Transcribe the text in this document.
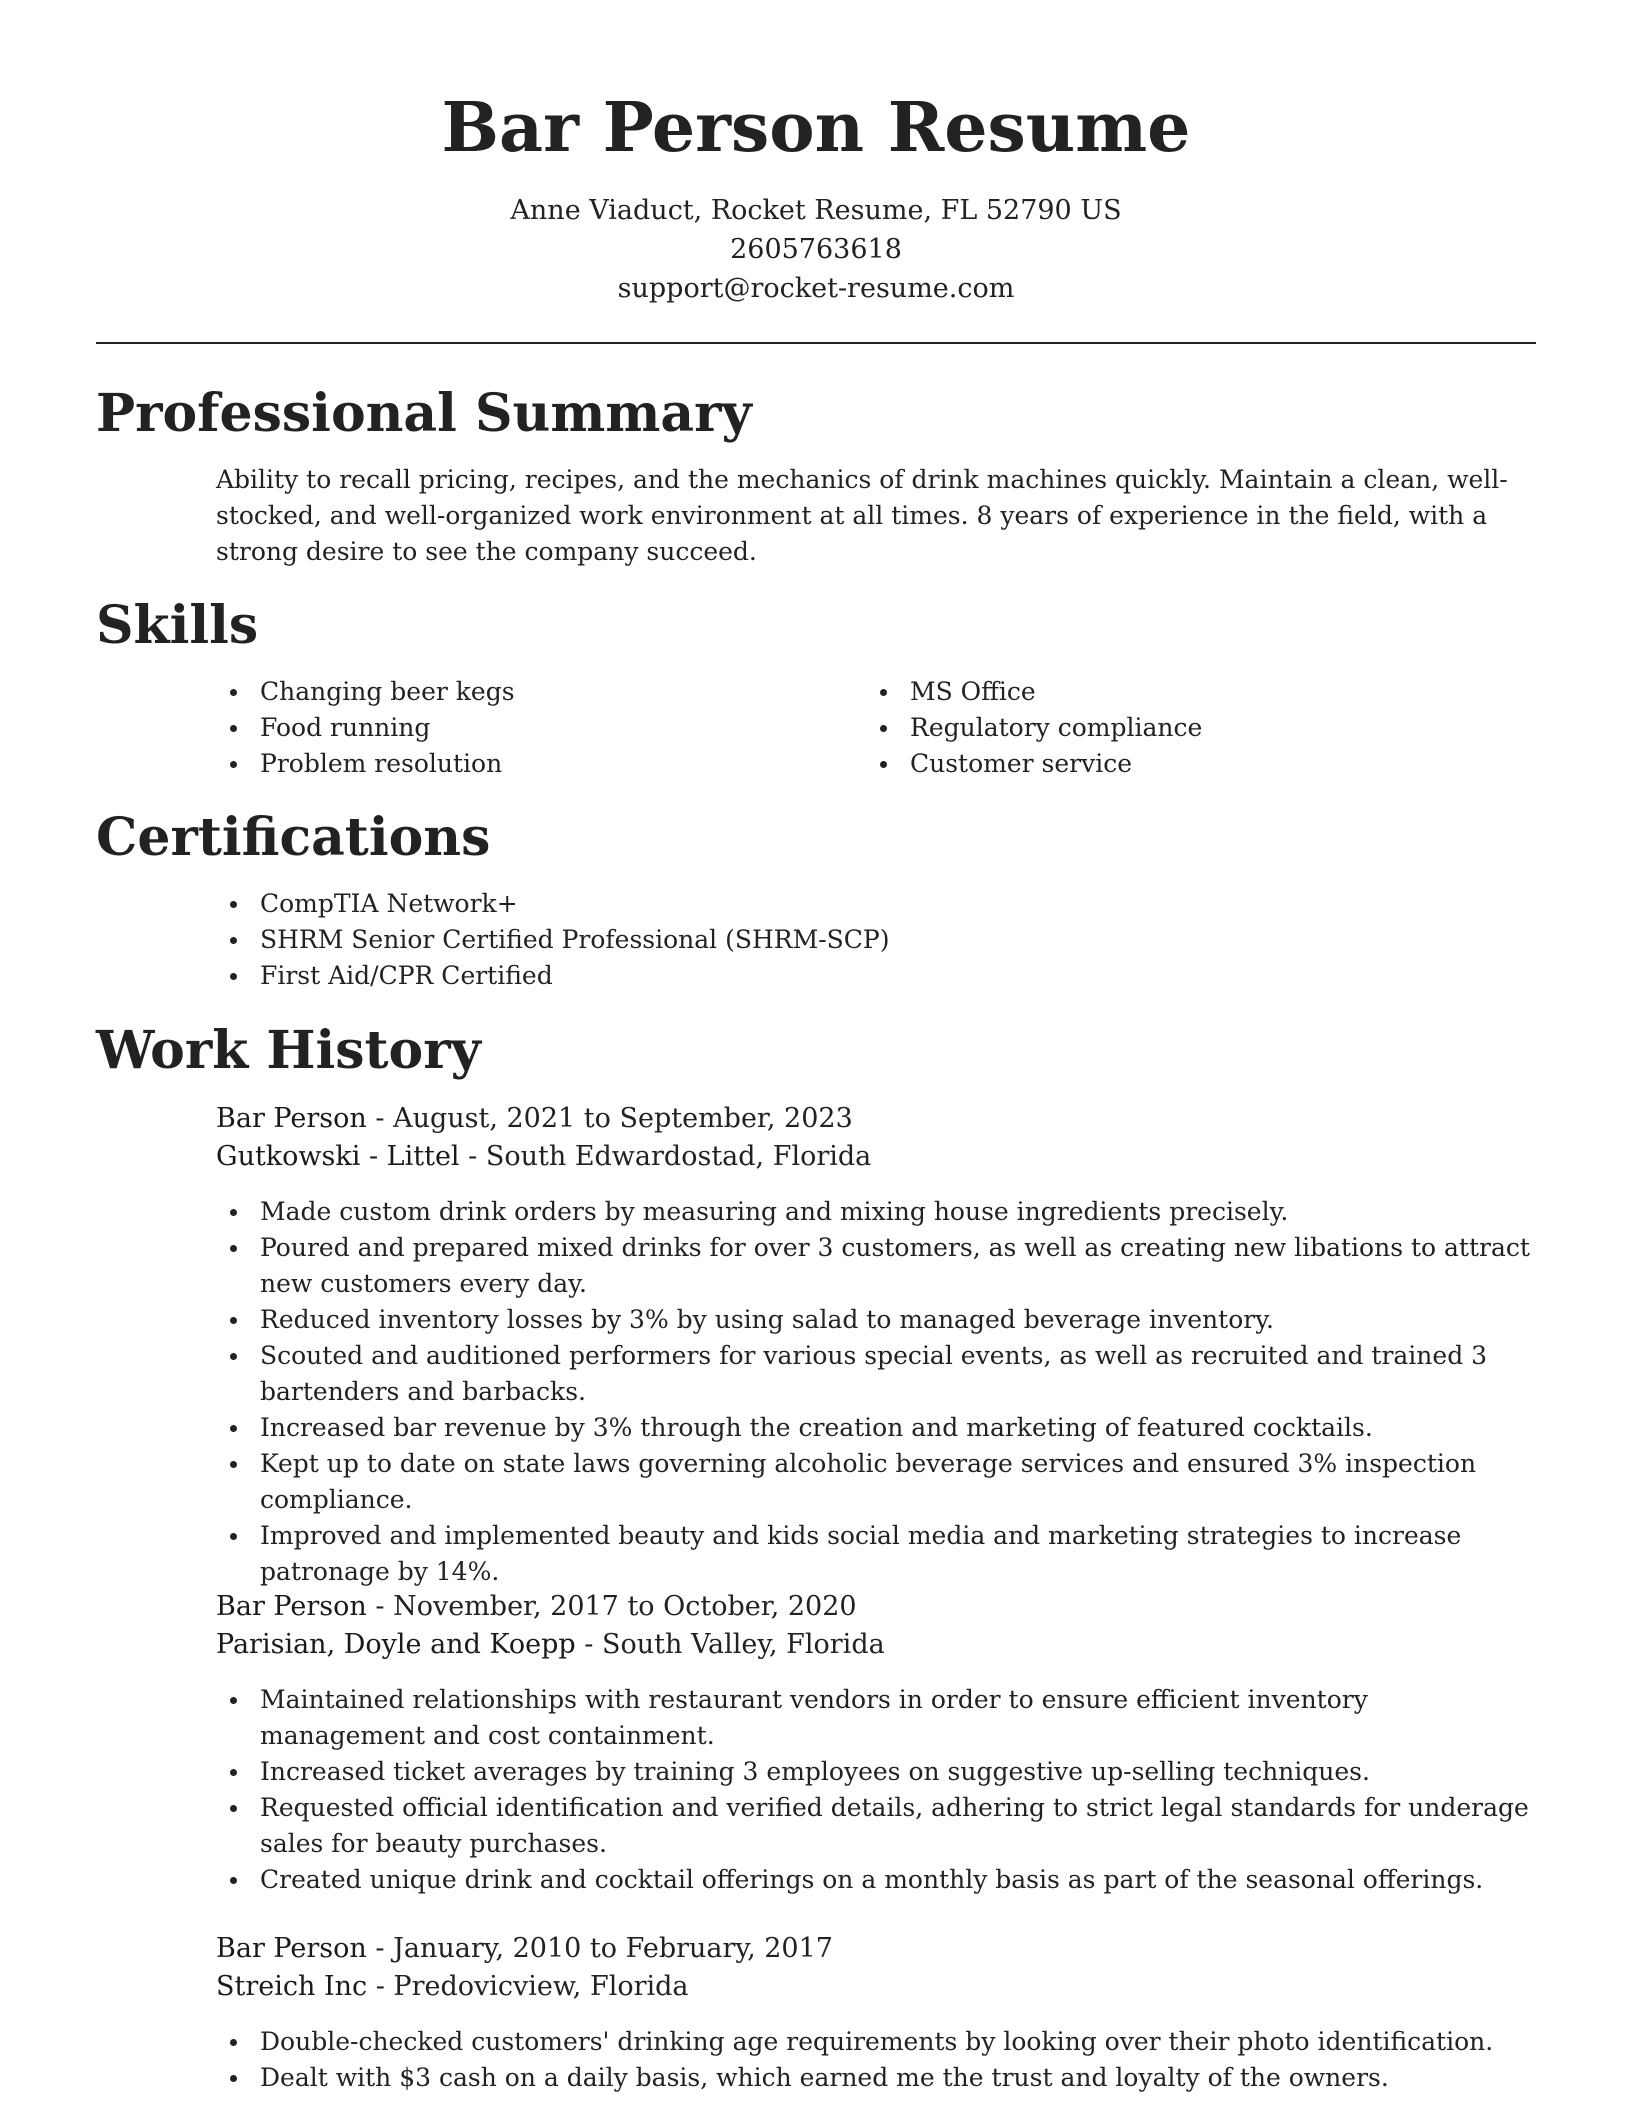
Bar Person Resume
Anne Viaduct, Rocket Resume, FL 52790 US
2605763618
support@rocket-resume.com
Professional Summary

Ability to recall pricing, recipes, and the mechanics of drink machines quickly. Maintain a clean, well-stocked, and well-organized work environment at all times. 8 years of experience in the field, with a strong desire to see the company succeed.

Skills
Changing beer kegs
Food running
Problem resolution
MS Office
Regulatory compliance
Customer service
Certifications
CompTIA Network+
SHRM Senior Certified Professional (SHRM-SCP)
First Aid/CPR Certified
Work History
Bar Person - August, 2021 to September, 2023
Gutkowski - Littel - South Edwardostad, Florida
Made custom drink orders by measuring and mixing house ingredients precisely.
Poured and prepared mixed drinks for over 3 customers, as well as creating new libations to attract new customers every day.
Reduced inventory losses by 3% by using salad to managed beverage inventory.
Scouted and auditioned performers for various special events, as well as recruited and trained 3 bartenders and barbacks.
Increased bar revenue by 3% through the creation and marketing of featured cocktails.
Kept up to date on state laws governing alcoholic beverage services and ensured 3% inspection compliance.
Improved and implemented beauty and kids social media and marketing strategies to increase patronage by 14%.
Bar Person - November, 2017 to October, 2020
Parisian, Doyle and Koepp - South Valley, Florida
Maintained relationships with restaurant vendors in order to ensure efficient inventory management and cost containment.
Increased ticket averages by training 3 employees on suggestive up-selling techniques.
Requested official identification and verified details, adhering to strict legal standards for underage sales for beauty purchases.
Created unique drink and cocktail offerings on a monthly basis as part of the seasonal offerings.
Bar Person - January, 2010 to February, 2017
Streich Inc - Predovicview, Florida
Double-checked customers' drinking age requirements by looking over their photo identification.
Dealt with $3 cash on a daily basis, which earned me the trust and loyalty of the owners.
